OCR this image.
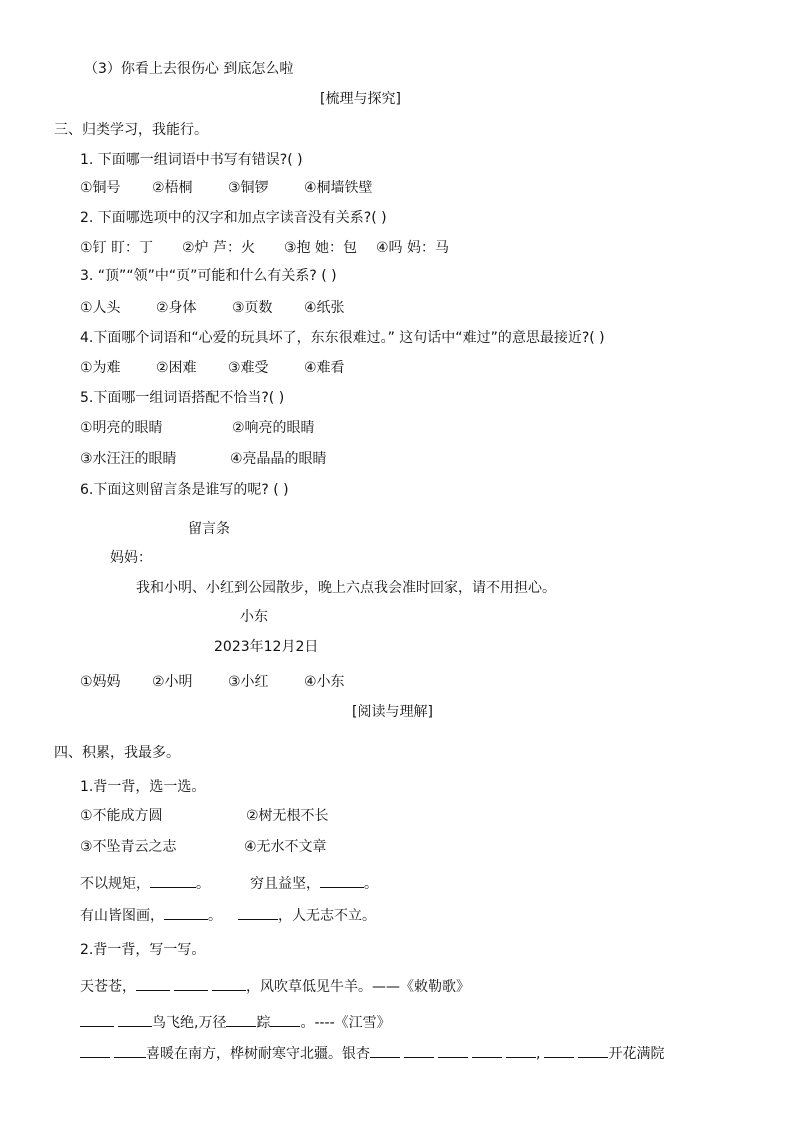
（3）你看上去很伤心 到底怎么啦
[梳理与探究]
三、归类学习，我能行。
1. 下面哪一组词语中书写有错误?( )
①铜号 ②梧桐	③铜锣	④桐墙铁壁
2. 下面哪选项中的汉字和加点字读音没有关系?( )
①钉 盯：丁 ②炉 芦：火 ③抱 她：包 ④吗 妈：马
3. “顶”“领”中“页”可能和什么有关系? ( )
①人头	②身体	③页数 ④纸张
4.下面哪个词语和“心爱的玩具坏了，东东很难过。” 这句话中“难过”的意思最接近?( )
①为难	②困难 ③难受	④难看
5.下面哪一组词语搭配不恰当?( )
①明亮的眼睛	②响亮的眼睛
③水汪汪的眼睛	④亮晶晶的眼睛
6.下面这则留言条是谁写的呢? ( )
留言条
妈妈：
我和小明、小红到公园散步，晚上六点我会准时回家，请不用担心。
小东
2023年12月2日
①妈妈 ②小明	③小红	④小东
[阅读与理解]
四、积累，我最多。
1.背一背，选一选。
①不能成方圆	②树无根不长
③不坠青云之志	④无水不文章
不以规矩，	。	穷且益坚，	。
有山皆图画，	。	，人无志不立。
2.背一背，写一写。
天苍苍，	，风吹草低见牛羊。——《敕勒歌》
鸟飞绝,万径 踪 。----《江雪》
喜暖在南方，桦树耐寒守北疆。银杏	,	开花满院
